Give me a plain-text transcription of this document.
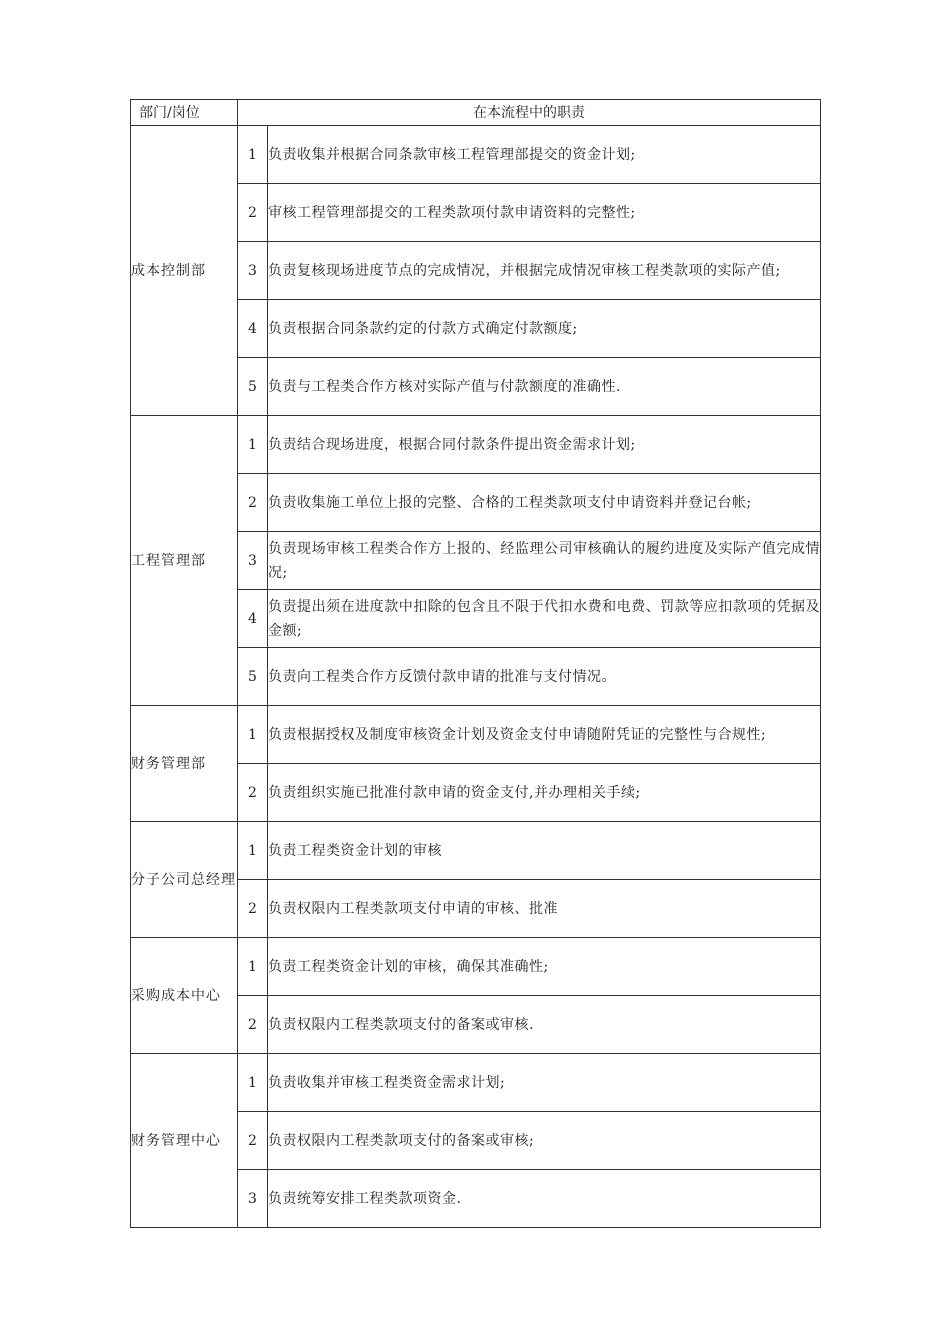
部门/岗位	在本流程中的职责	
成本控制部	1	负责收集并根据合同条款审核工程管理部提交的资金计划;
	2	审核工程管理部提交的工程类款项付款申请资料的完整性;
	3	负责复核现场进度节点的完成情况，并根据完成情况审核工程类款项的实际产值;
	4	负责根据合同条款约定的付款方式确定付款额度;
	5	负责与工程类合作方核对实际产值与付款额度的准确性.
工程管理部	1	负责结合现场进度，根据合同付款条件提出资金需求计划;
	2	负责收集施工单位上报的完整、合格的工程类款项支付申请资料并登记台帐;
	3	负责现场审核工程类合作方上报的、经监理公司审核确认的履约进度及实际产值完成情况;
	4	负责提出须在进度款中扣除的包含且不限于代扣水费和电费、罚款等应扣款项的凭据及金额;
	5	负责向工程类合作方反馈付款申请的批准与支付情况。
财务管理部	1	负责根据授权及制度审核资金计划及资金支付申请随附凭证的完整性与合规性;
	2	负责组织实施已批准付款申请的资金支付,并办理相关手续;
分子公司总经理	1	负责工程类资金计划的审核
	2	负责权限内工程类款项支付申请的审核、批准
采购成本中心	1	负责工程类资金计划的审核，确保其准确性;
	2	负责权限内工程类款项支付的备案或审核.
财务管理中心	1	负责收集并审核工程类资金需求计划;
	2	负责权限内工程类款项支付的备案或审核;
	3	负责统筹安排工程类款项资金.
